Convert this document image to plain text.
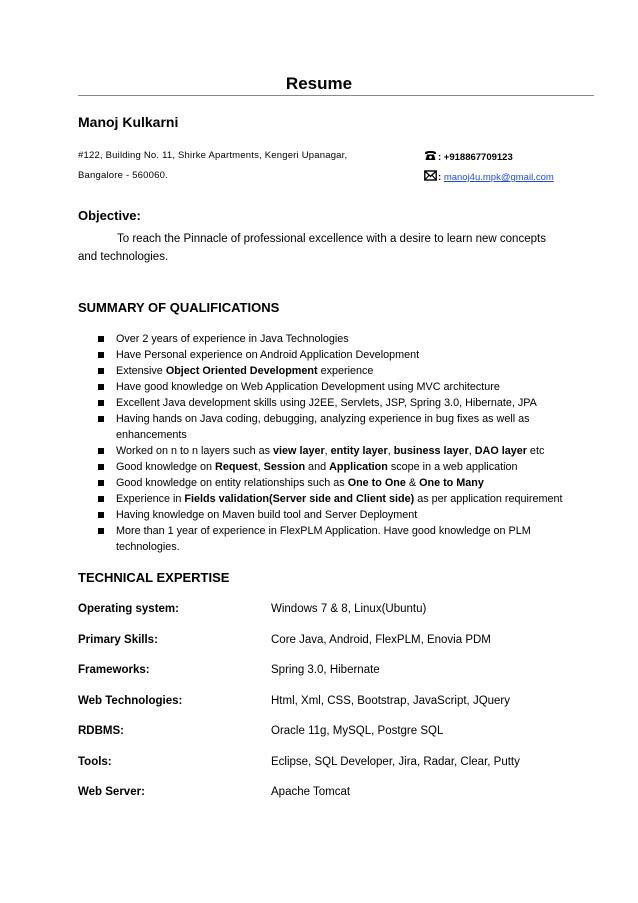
Resume
Manoj Kulkarni
#122, Building No. 11, Shirke Apartments, Kengeri Upanagar,
Bangalore - 560060.
: +918867709123
: manoj4u.mpk@gmail.com
Objective:
To reach the Pinnacle of professional excellence with a desire to learn new concepts
and technologies.
SUMMARY OF QUALIFICATIONS
Over 2 years of experience in Java Technologies
Have Personal experience on Android Application Development
Extensive Object Oriented Development experience
Have good knowledge on Web Application Development using MVC architecture
Excellent Java development skills using J2EE, Servlets, JSP, Spring 3.0, Hibernate, JPA
Having hands on Java coding, debugging, analyzing experience in bug fixes as well as enhancements
Worked on n to n layers such as view layer, entity layer, business layer, DAO layer etc
Good knowledge on Request, Session and Application scope in a web application
Good knowledge on entity relationships such as One to One & One to Many
Experience in Fields validation(Server side and Client side) as per application requirement
Having knowledge on Maven build tool and Server Deployment
More than 1 year of experience in FlexPLM Application. Have good knowledge on PLM technologies.
TECHNICAL EXPERTISE
Operating system:	Windows 7 & 8, Linux(Ubuntu)
Primary Skills:	Core Java, Android, FlexPLM, Enovia PDM
Frameworks:	Spring 3.0, Hibernate
Web Technologies:	Html, Xml, CSS, Bootstrap, JavaScript, JQuery
RDBMS:	Oracle 11g, MySQL, Postgre SQL
Tools:	Eclipse, SQL Developer, Jira, Radar, Clear, Putty
Web Server:	Apache Tomcat
